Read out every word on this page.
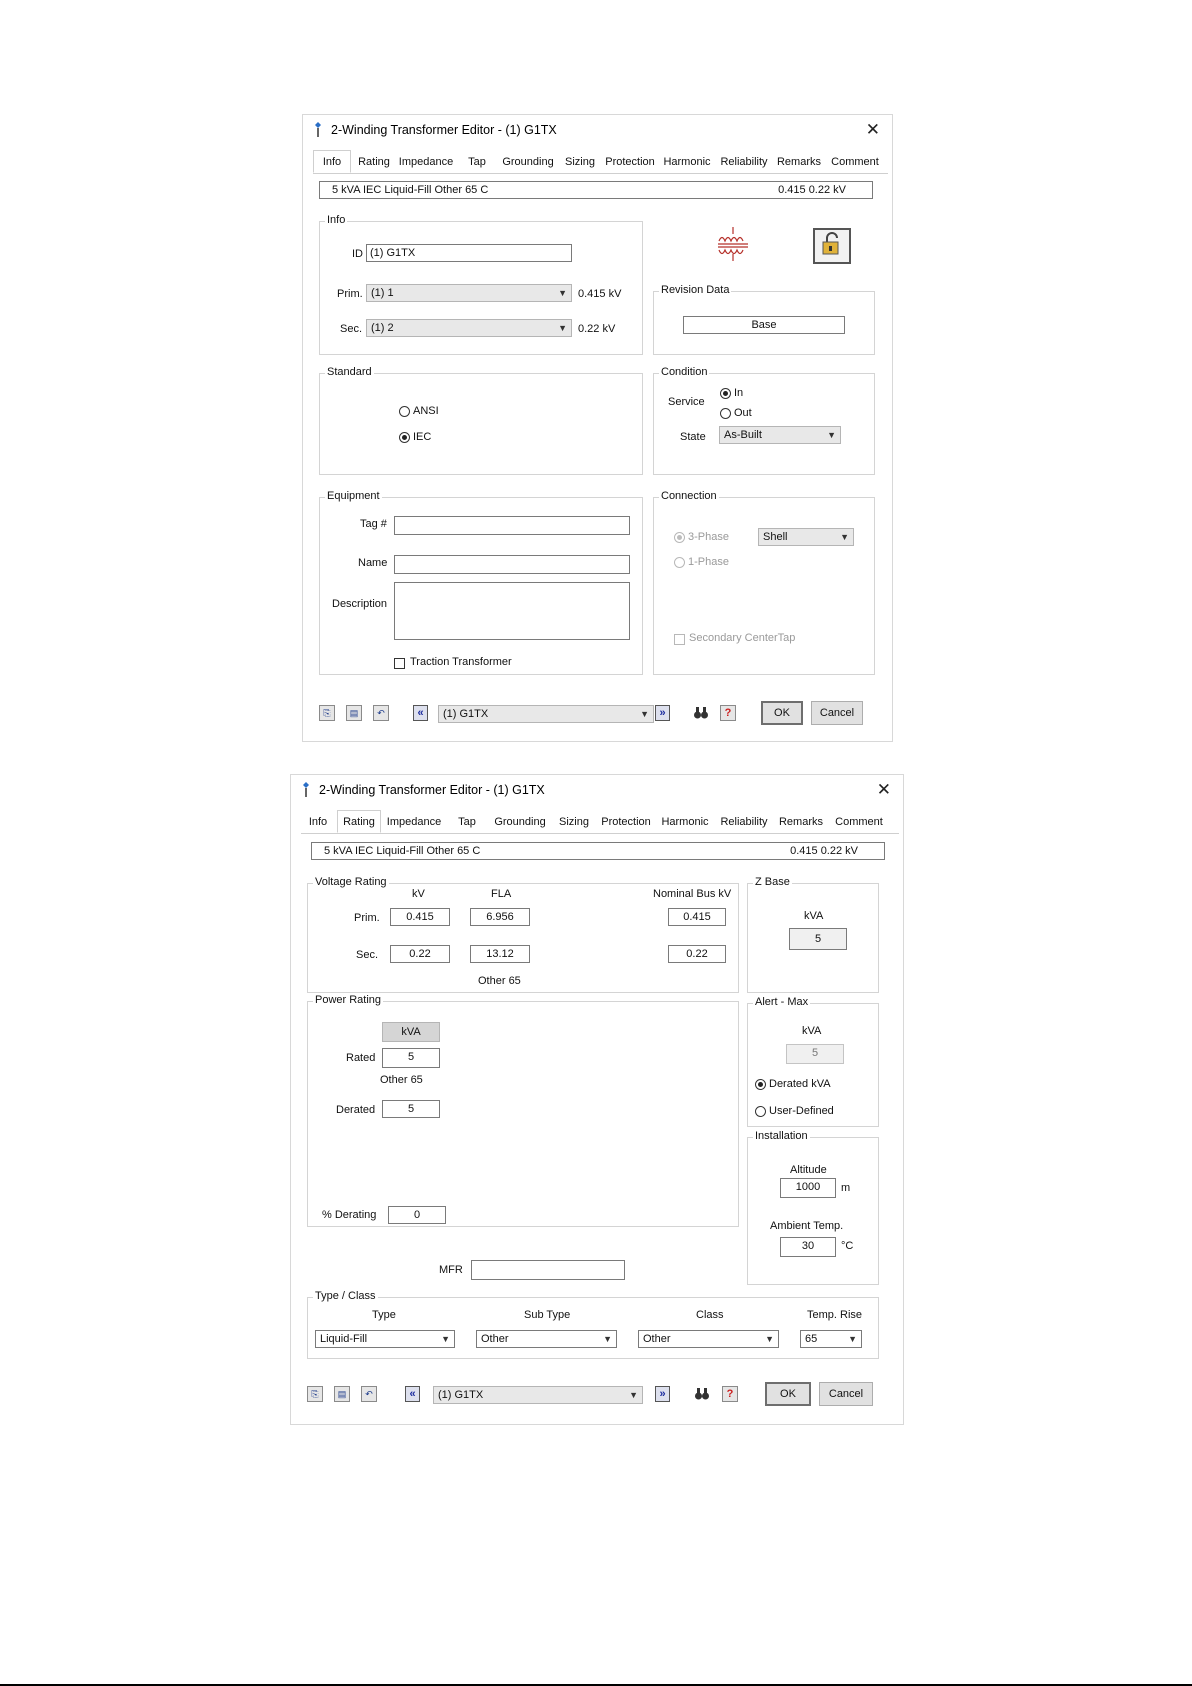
2-Winding Transformer Editor - (1) G1TX	✕
Info	Rating Impedance	Tap	Grounding	Sizing Protection Harmonic Reliability Remarks Comment
5 kVA IEC Liquid-Fill Other 65 C	0.415 0.22 kV
Info
ID (1) G1TX
Prim. (1) 1	▼ 0.415 kV
Sec. (1) 2	▼ 0.22 kV
Revision Data
Base
Standard
ANSI
IEC
Condition
Service
In
Out
State	As-Built	▼
Equipment
Tag #
Name
Description
Traction Transformer
Connection
3-Phase	Shell	▼
1-Phase
Secondary CenterTap
⎘	▤	↶	«	(1) G1TX	▼ »	?	OK	Cancel
2-Winding Transformer Editor - (1) G1TX	✕
Info	Rating	Impedance	Tap	Grounding	Sizing	Protection Harmonic	Reliability	Remarks	Comment
5 kVA IEC Liquid-Fill Other 65 C	0.415 0.22 kV
Voltage Rating
kV	FLA	Nominal Bus kV
Prim.	0.415	6.956	0.415
Sec.	0.22	13.12	0.22
Other 65
Z Base
kVA
5
Power Rating
kVA
Rated	5
Other 65
Derated	5
% Derating	0
Alert - Max
kVA
5
Derated kVA
User-Defined
Installation
Altitude
1000	m
Ambient Temp.
30	°C
MFR
Type / Class
Type	Sub Type	Class	Temp. Rise
Liquid-Fill	▼	Other	▼	Other	▼	65	▼
⎘	▤	↶	«	(1) G1TX	▼	»	?	OK	Cancel
